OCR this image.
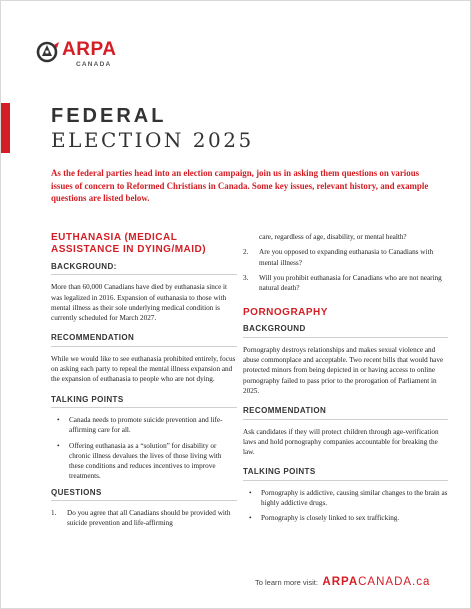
ARPA
CANADA
FEDERAL
ELECTION 2025

As the federal parties head into an election campaign, join us in asking them questions on various issues of concern to Reformed Christians in Canada. Some key issues, relevant history, and example questions are listed below.

EUTHANASIA (MEDICAL ASSISTANCE IN DYING/MAID)
BACKGROUND:

More than 60,000 Canadians have died by euthanasia since it was legalized in 2016. Expansion of euthanasia to those with mental illness as their sole underlying medical condition is currently scheduled for March 2027.

RECOMMENDATION

While we would like to see euthanasia prohibited entirely, focus on asking each party to repeal the mental illness expansion and the expansion of euthanasia to people who are not dying.

TALKING POINTS
• Canada needs to promote suicide prevention and life-affirming care for all.
• Offering euthanasia as a “solution” for disability or chronic illness devalues the lives of those living with these conditions and reduces incentives to improve treatments.
QUESTIONS
1. Do you agree that all Canadians should be provided with suicide prevention and life-affirming
care, regardless of age, disability, or mental health?
2. Are you opposed to expanding euthanasia to Canadians with mental illness?
3. Will you prohibit euthanasia for Canadians who are not nearing natural death?
PORNOGRAPHY
BACKGROUND

Pornography destroys relationships and makes sexual violence and abuse commonplace and acceptable. Two recent bills that would have protected minors from being depicted in or having access to online pornography failed to pass prior to the prorogation of Parliament in 2025.

RECOMMENDATION

Ask candidates if they will protect children through age-verification laws and hold pornography companies accountable for breaking the law.

TALKING POINTS
• Pornography is addictive, causing similar changes to the brain as highly addictive drugs.
• Pornography is closely linked to sex trafficking.
To learn more visit: ARPACANADA.ca
